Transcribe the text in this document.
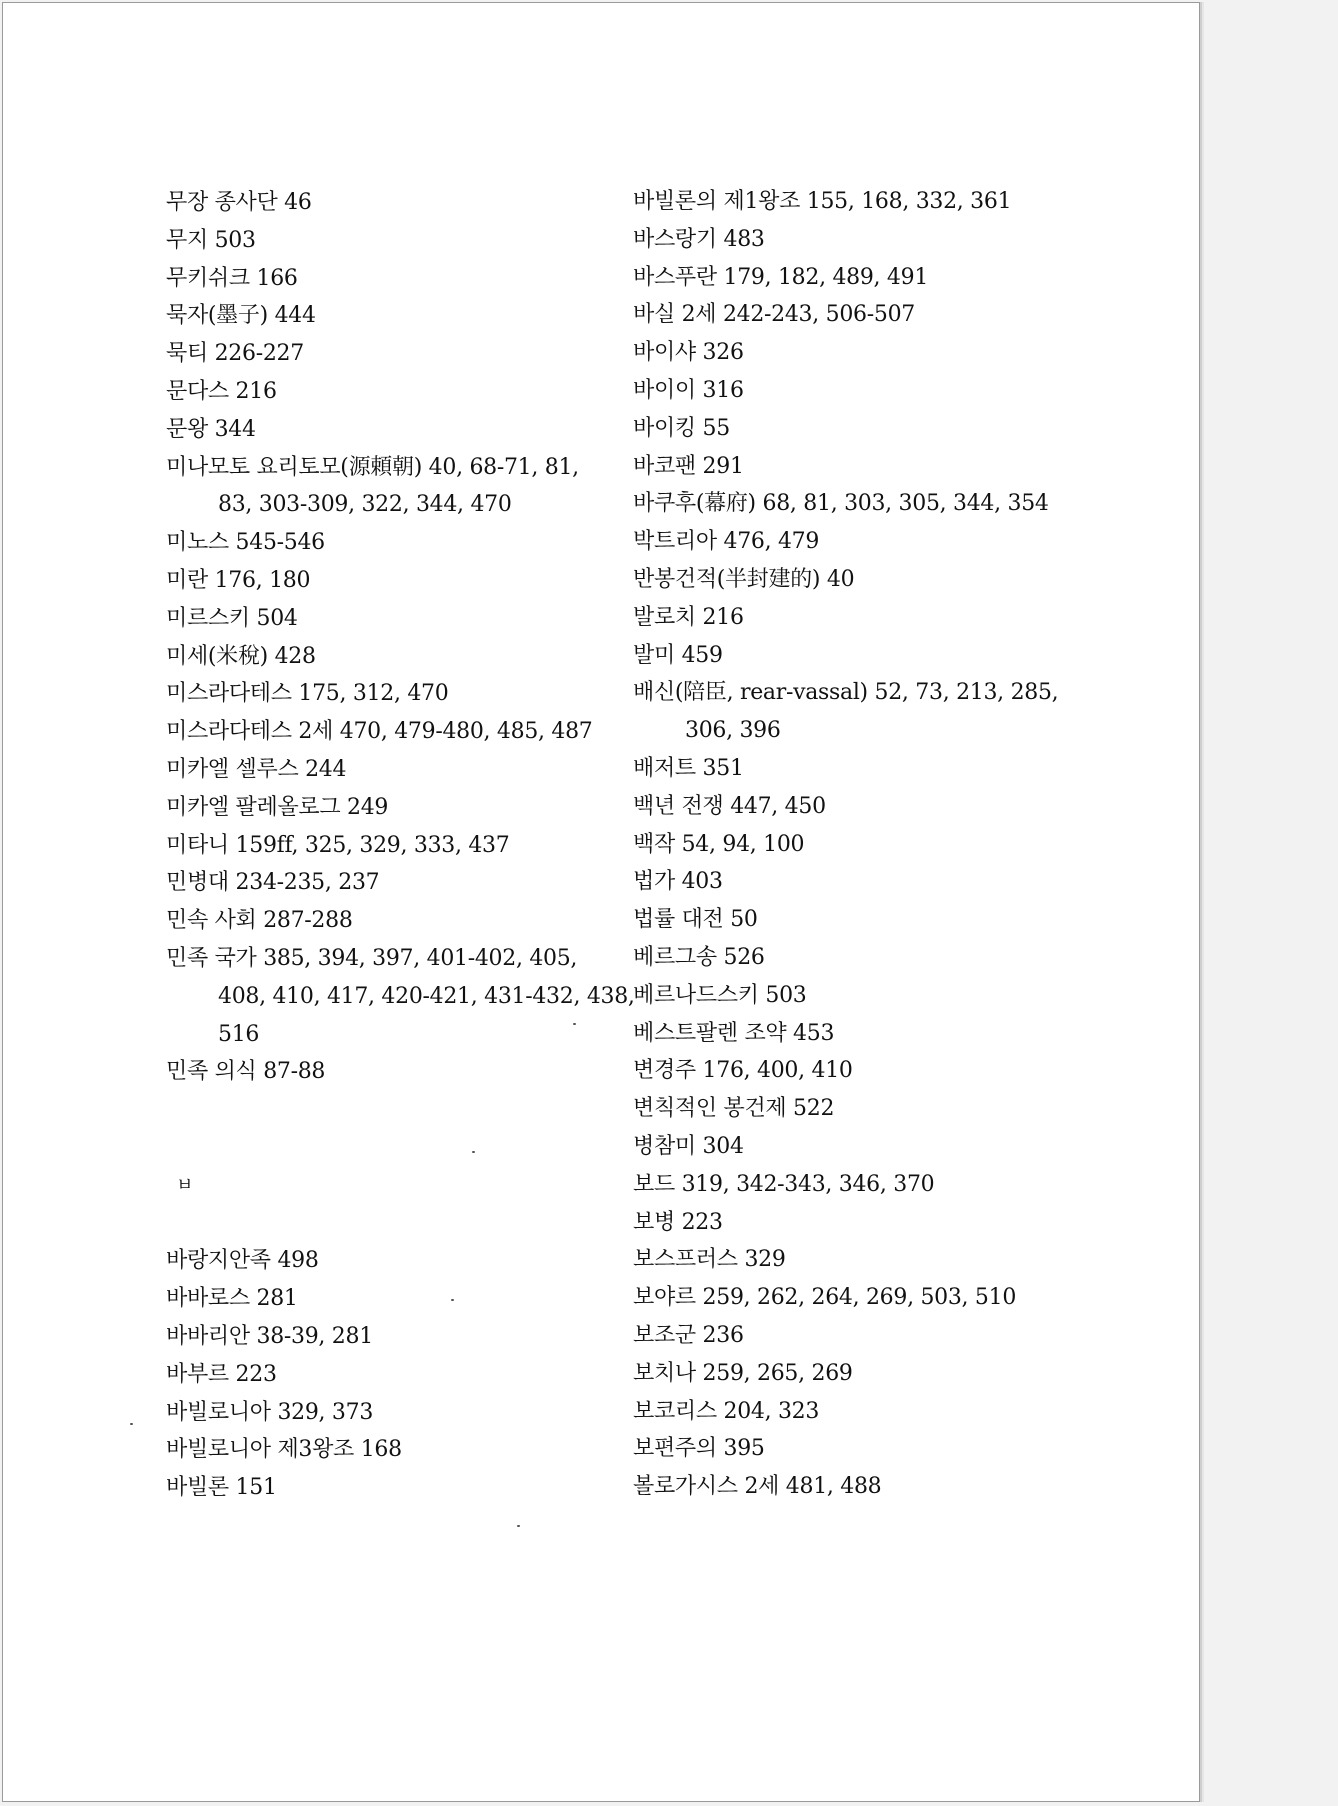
무장 종사단 46
무지 503
무키쉬크 166
묵자(墨子) 444
묵티 226-227
문다스 216
문왕 344
미나모토 요리토모(源頼朝) 40, 68-71, 81,
83, 303-309, 322, 344, 470
미노스 545-546
미란 176, 180
미르스키 504
미세(米稅) 428
미스라다테스 175, 312, 470
미스라다테스 2세 470, 479-480, 485, 487
미카엘 셀루스 244
미카엘 팔레올로그 249
미타니 159ff, 325, 329, 333, 437
민병대 234-235, 237
민속 사회 287-288
민족 국가 385, 394, 397, 401-402, 405,
408, 410, 417, 420-421, 431-432, 438,
516
민족 의식 87-88
ㅂ
바랑지안족 498
바바로스 281
바바리안 38-39, 281
바부르 223
바빌로니아 329, 373
바빌로니아 제3왕조 168
바빌론 151
바빌론의 제1왕조 155, 168, 332, 361
바스랑기 483
바스푸란 179, 182, 489, 491
바실 2세 242-243, 506-507
바이샤 326
바이이 316
바이킹 55
바코팬 291
바쿠후(幕府) 68, 81, 303, 305, 344, 354
박트리아 476, 479
반봉건적(半封建的) 40
발로치 216
발미 459
배신(陪臣, rear-vassal) 52, 73, 213, 285,
306, 396
배저트 351
백년 전쟁 447, 450
백작 54, 94, 100
법가 403
법률 대전 50
베르그송 526
베르나드스키 503
베스트팔렌 조약 453
변경주 176, 400, 410
변칙적인 봉건제 522
병참미 304
보드 319, 342-343, 346, 370
보병 223
보스프러스 329
보야르 259, 262, 264, 269, 503, 510
보조군 236
보치나 259, 265, 269
보코리스 204, 323
보편주의 395
볼로가시스 2세 481, 488
